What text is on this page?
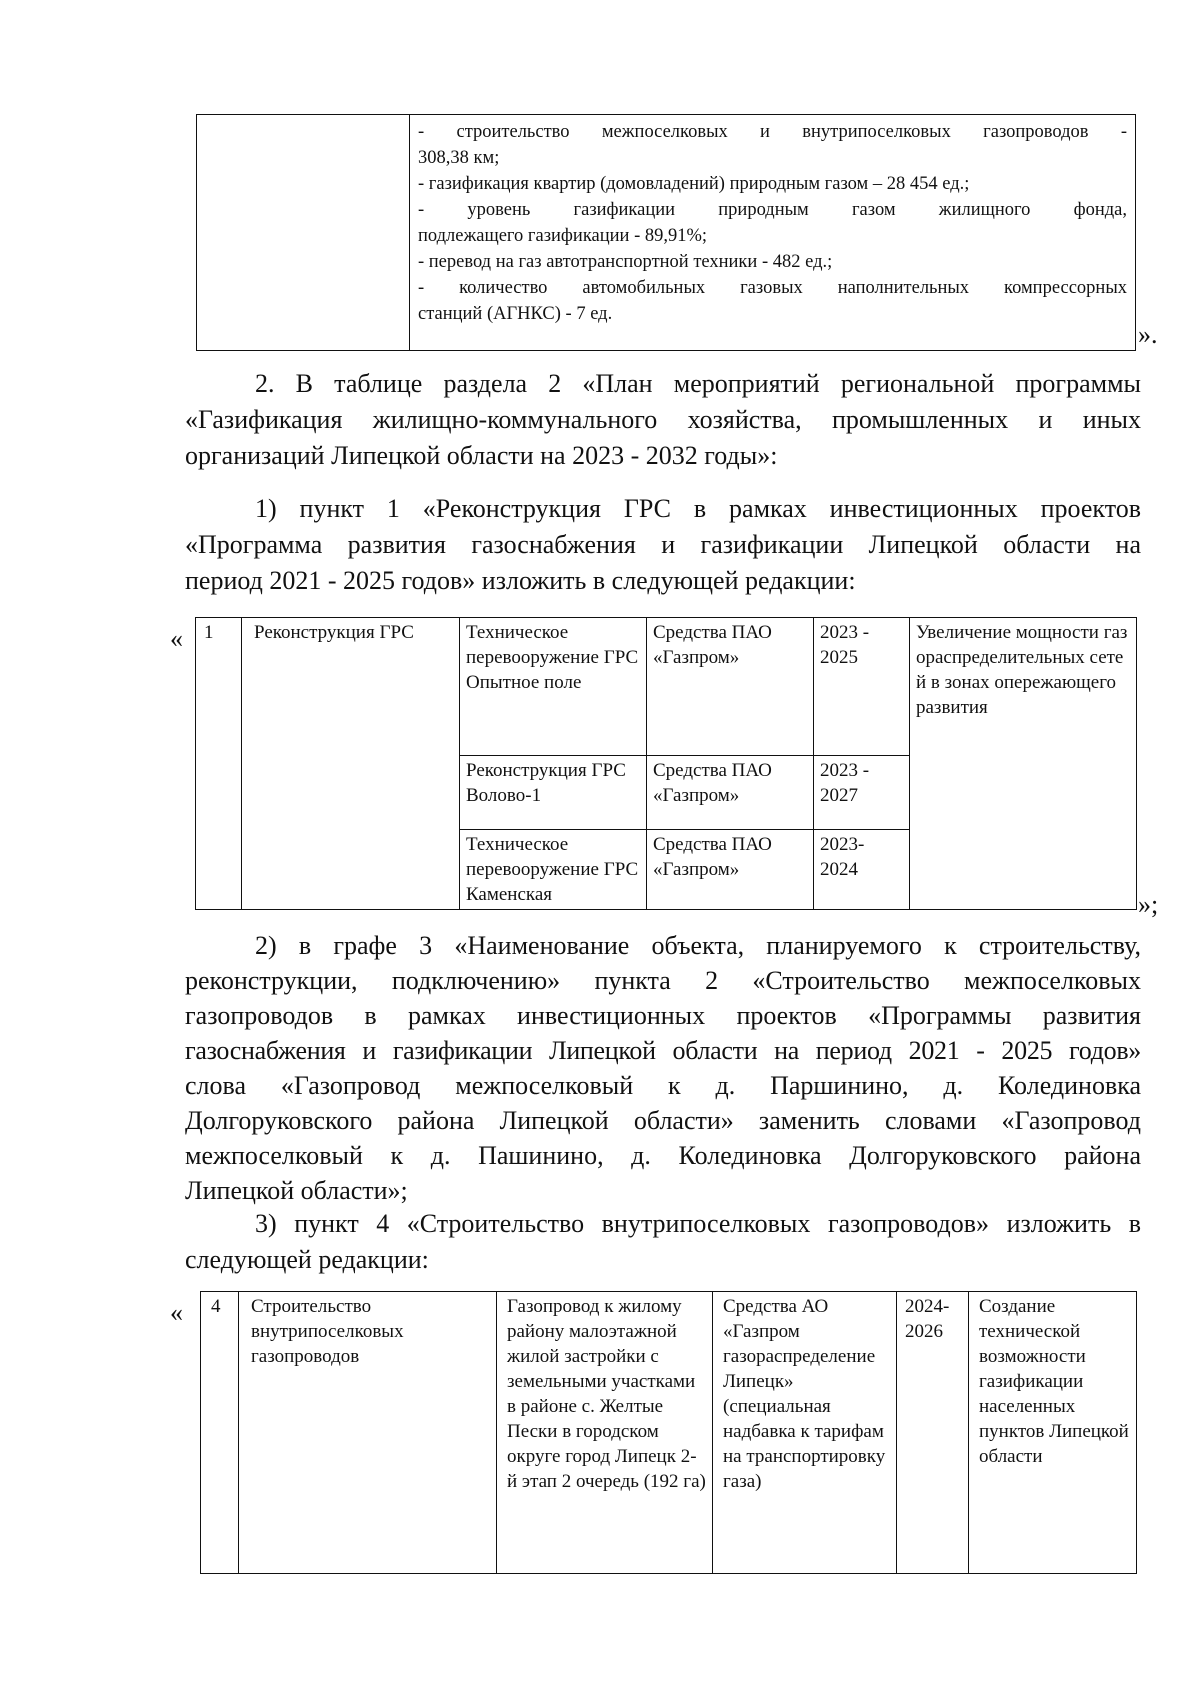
- строительство межпоселковых и внутрипоселковых газопроводов -
308,38 км;
- газификация квартир (домовладений) природным газом – 28 454 ед.;
- уровень газификации природным газом жилищного фонда,
подлежащего газификации - 89,91%;
- перевод на газ автотранспортной техники - 482 ед.;
- количество автомобильных газовых наполнительных компрессорных
станций (АГНКС) - 7 ед.
».
2. В таблице раздела 2 «План мероприятий региональной программы
«Газификация жилищно-коммунального хозяйства, промышленных и иных
организаций Липецкой области на 2023 - 2032 годы»:
1) пункт 1 «Реконструкция ГРС в рамках инвестиционных проектов
«Программа развития газоснабжения и газификации Липецкой области на
период 2021 - 2025 годов» изложить в следующей редакции:
« 1	Реконструкция ГРС	Техническое перевооружение ГРС Опытное поле	Средства ПАО «Газпром»	2023 - 2025	Увеличение мощности газораспределительных сетей в зонах опережающего развития
		Реконструкция ГРС Волово-1	Средства ПАО «Газпром»	2023 - 2027	
		Техническое перевооружение ГРС Каменская	Средства ПАО «Газпром»	2023-2024	
»;
2) в графе 3 «Наименование объекта, планируемого к строительству,
реконструкции, подключению» пункта 2 «Строительство межпоселковых
газопроводов в рамках инвестиционных проектов «Программы развития
газоснабжения и газификации Липецкой области на период 2021 - 2025 годов»
слова «Газопровод межпоселковый к д. Паршинино, д. Колединовка
Долгоруковского района Липецкой области» заменить словами «Газопровод
межпоселковый к д. Пашинино, д. Колединовка Долгоруковского района
Липецкой области»;
3) пункт 4 «Строительство внутрипоселковых газопроводов» изложить в
следующей редакции:
« 4	Строительство внутрипоселковых газопроводов	Газопровод к жилому району малоэтажной жилой застройки с земельными участками в районе с. Желтые Пески в городском округе город Липецк 2-й этап 2 очередь (192 га)	Средства АО «Газпром газораспределение Липецк» (специальная надбавка к тарифам на транспортировку газа)	2024-2026	Создание технической возможности газификации населенных пунктов Липецкой области
